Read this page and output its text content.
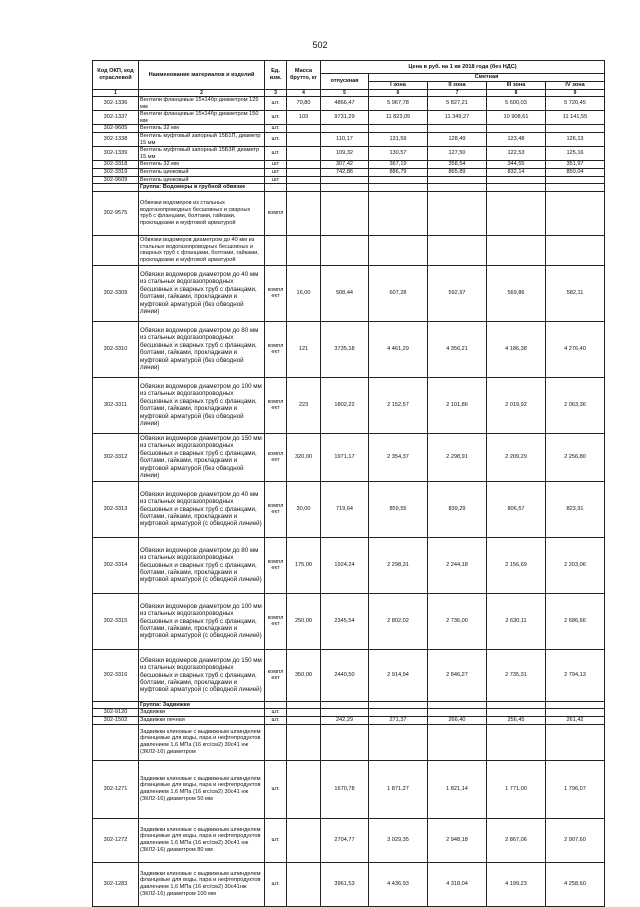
502
Код ОКП, код отраслевой	Наименование материалов и изделий	Ед. изм.	Масса брутто, кг	Цена в руб. на 1 кв 2018 года (без НДС)				
				отпускная	Сметная			
					I зона	II зона	III зона	IV зона
1	2	3	4	5	6	7	8	9
302-1336	Вентили фланцевые 15ч14бр диаметром 125 мм	шт.	70,80	4866,47	5 967,78	5 827,21	5 600,03	5 720,45
302-1337	Вентили фланцевые 15ч14бр диаметром 150 мм	шт.	103	9731,29	11 823,05	11 349,27	10 908,61	11 141,55
302-9605	Вентиль 32 мм	шт.						
302-1338	Вентиль муфтовый запорный 15Б1П, диаметр 15 мм	шт.		110,17	131,59	128,49	123,48	126,13
302-1339	Вентиль муфтовый запорный 15Б3Р, диаметр 15 мм	шт.		109,32	130,57	127,50	122,53	125,16
302-3318	Вентиль 32 мм	шт		307,42	367,19	358,54	344,55	351,97
302-3319	Вентиль цинковый	шт		742,86	886,79	865,89	832,14	850,04
302-9609	Вентиль цинковый	шт						
	Группа: Водомеры в грубной обвязке							
302-9575	Обвязки водомеров из стальных водогазопроводных бесшовных и сварных труб с фланцами, болтами, гайками, прокладками и муфтовой арматурой	компл						
	Обвязки водомеров диаметром до 40 мм из стальных водогазопроводных бесшовных и сварных труб с фланцами, болтами, гайками, прокладками и муфтовой арматурой							
302-3309	Обвязки водомеров диаметром до 40 мм из стальных водогазопроводных бесшовных и сварных труб с фланцами, болтами, гайками, прокладками и муфтовой арматурой (без обводной линии)	компл ект	16,00	508,44	607,28	592,97	569,86	582,11
302-3310	Обвязки водомеров диаметром до 80 мм из стальных водогазопроводных бесшовных и сварных труб с фланцами, болтами, гайками, прокладками и муфтовой арматурой (без обводной линии)	компл ект	121	3735,18	4 461,29	4 356,21	4 186,38	4 276,40
302-3311	Обвязки водомеров диаметром до 100 мм из стальных водогазопроводных бесшовных и сварных труб с фланцами, болтами, гайками, прокладками и муфтовой арматурой (без обводной линии)	компл ект	223	1802,22	2 152,57	2 101,86	2 019,92	2 063,36
302-3312	Обвязки водомеров диаметром до 150 мм из стальных водогазопроводных бесшовных и сварных труб с фланцами, болтами, гайками, прокладками и муфтовой арматурой (без обводной линии)	компл ект	320,00	1971,17	2 354,37	2 298,91	2 209,29	2 256,80
302-3313	Обвязки водомеров диаметром до 40 мм из стальных водогазопроводных бесшовных и сварных труб с фланцами, болтами, гайками, прокладками и муфтовой арматурой (с обводной линией)	компл ект	30,00	719,64	859,55	839,29	806,57	823,91
302-3314	Обвязки водомеров диаметром до 80 мм из стальных водогазопроводных бесшовных и сварных труб с фланцами, болтами, гайками, прокладками и муфтовой арматурой (с обводной линией)	компл ект	175,00	1924,24	2 298,31	2 244,18	2 156,69	2 203,06
302-3315	Обвязки водомеров диаметром до 100 мм из стальных водогазопроводных бесшовных и сварных труб с фланцами, болтами, гайками, прокладками и муфтовой арматурой (с обводной линией)	компл ект	250,00	2345,54	2 802,02	2 736,00	2 630,11	2 686,66
302-3316	Обвязки водомеров диаметром до 150 мм из стальных водогазопроводных бесшовных и сварных труб с фланцами, болтами, гайками, прокладками и муфтовой арматурой (с обводной линией)	компл ект	350,00	2440,50	2 914,94	2 846,27	2 735,31	2 794,13
	Группа: Задвижки							
302-9120	Задвижки	шт.						
302-1502	Задвижки печная	шт.		242,29	271,37	266,40	256,45	261,42
	Задвижки клиновые с выдвижным шпинделем фланцевые для воды, пара и нефтепродуктов давлением 1,6 МПа (16 кгс/см2) 30с41 нж (ЗКЛ2-16) диаметром							
302-1271	Задвижки клиновые с выдвижным шпинделем фланцевые для воды, пара и нефтепродуктов давлением 1,6 МПа (16 кгс/см2) 30с41 нж (ЗКЛ2-16) диаметром 50 мм	шт.		1670,78	1 871,27	1 821,14	1 771,00	1 796,07
302-1272	Задвижки клиновые с выдвижным шпинделем фланцевые для воды, пара и нефтепродуктов давлением 1,6 МПа (16 кгс/см2) 30с41 нж (ЗКЛ2-16) диаметром 80 мм	шт.		2704,77	3 029,35	2 948,18	2 867,06	2 907,60
302-1283	Задвижки клиновые с выдвижным шпинделем фланцевые для воды, пара и нефтепродуктов давлением 1,6 МПа (16 кгс/см2) 30с41нж (ЗКЛ2-16) диаметром 100 мм	шт.		3961,53	4 436,93	4 318,04	4 199,23	4 258,60
